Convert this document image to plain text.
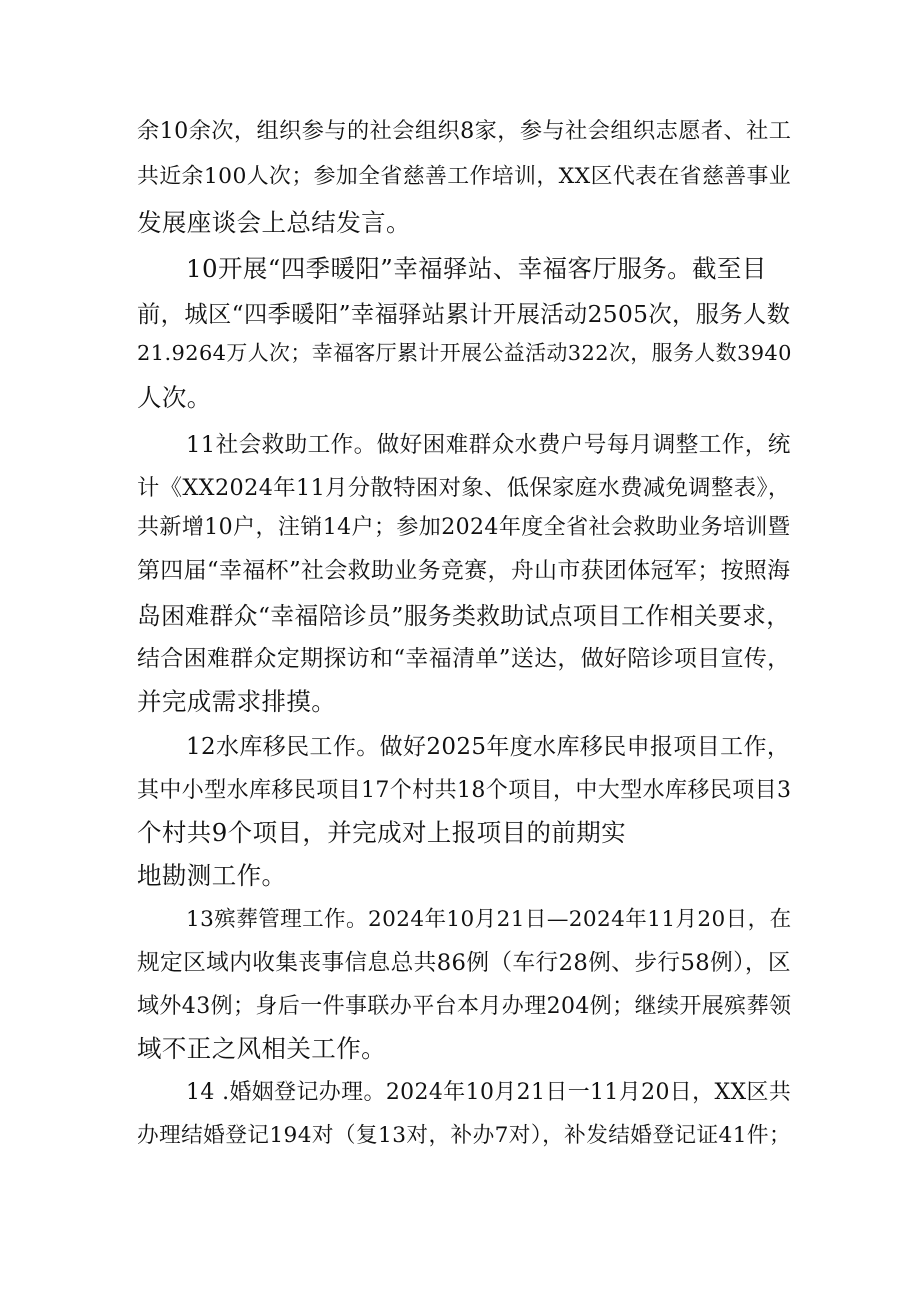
余10余次，组织参与的社会组织8家，参与社会组织志愿者、社工
共近余100人次；参加全省慈善工作培训，XX区代表在省慈善事业
发展座谈会上总结发言。
10开展“四季暖阳”幸福驿站、幸福客厅服务。截至目
前，城区“四季暖阳”幸福驿站累计开展活动2505次，服务人数
21.9264万人次；幸福客厅累计开展公益活动322次，服务人数3940
人次。
11社会救助工作。做好困难群众水费户号每月调整工作，统
计《XX2024年11月分散特困对象、低保家庭水费减免调整表》，
共新增10户，注销14户；参加2024年度全省社会救助业务培训暨
第四届“幸福杯”社会救助业务竞赛，舟山市获团体冠军；按照海
岛困难群众“幸福陪诊员”服务类救助试点项目工作相关要求，
结合困难群众定期探访和“幸福清单”送达，做好陪诊项目宣传，
并完成需求排摸。
12水库移民工作。做好2025年度水库移民申报项目工作，
其中小型水库移民项目17个村共18个项目，中大型水库移民项目3
个村共9个项目，并完成对上报项目的前期实
地勘测工作。
13殡葬管理工作。2024年10月21日—2024年11月20日，在
规定区域内收集丧事信息总共86例（车行28例、步行58例），区
域外43例；身后一件事联办平台本月办理204例；继续开展殡葬领
域不正之风相关工作。
14 .婚姻登记办理。2024年10月21日一11月20日，XX区共
办理结婚登记194对（复13对，补办7对），补发结婚登记证41件；
